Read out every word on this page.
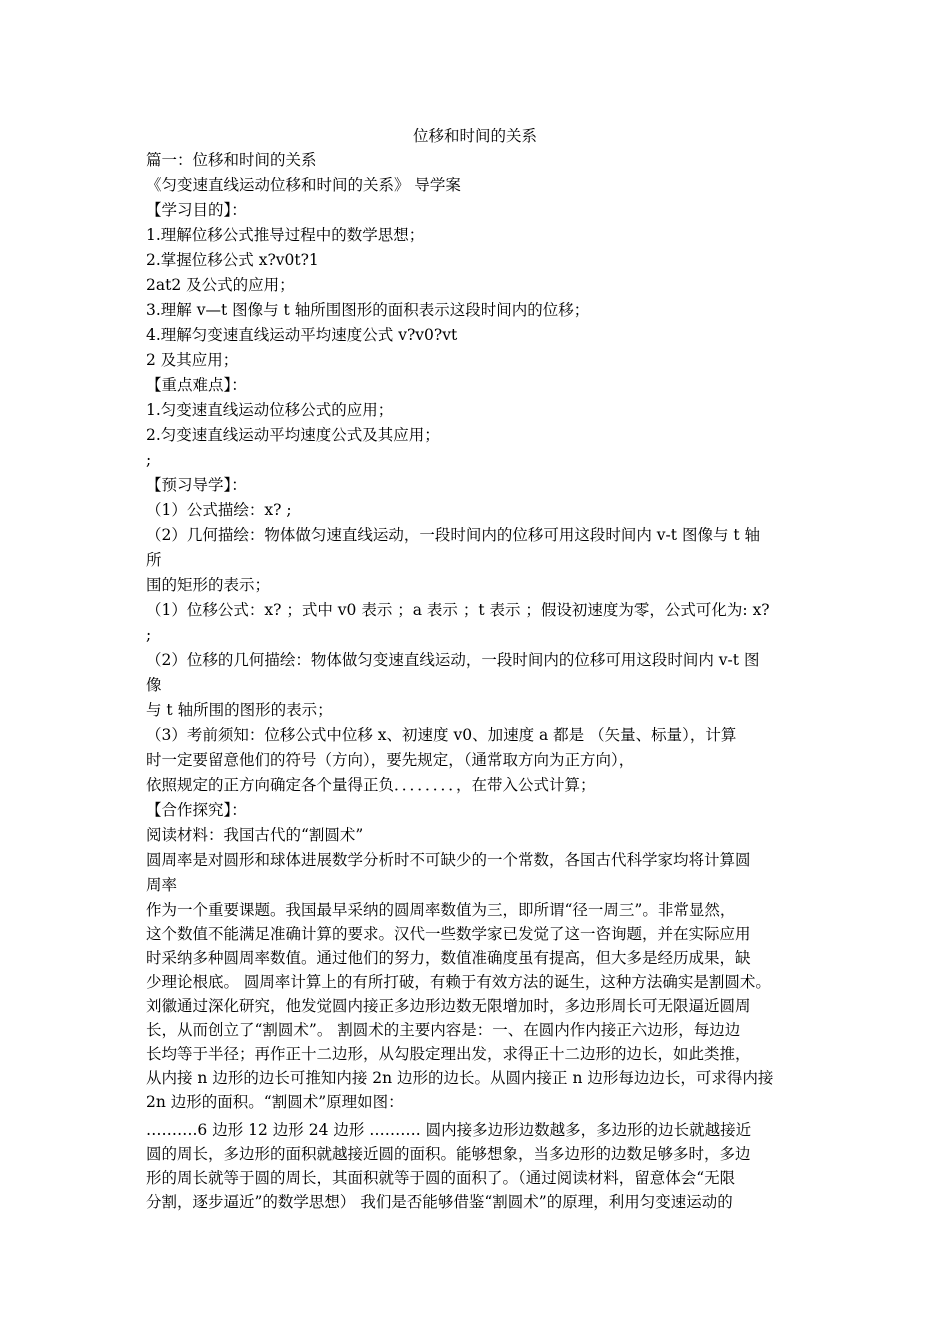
位移和时间的关系
篇一：位移和时间的关系
《匀变速直线运动位移和时间的关系》 导学案
【学习目的】：
1.理解位移公式推导过程中的数学思想；
2.掌握位移公式 x?v0t?1
2at2 及公式的应用；
3.理解 v—t 图像与 t 轴所围图形的面积表示这段时间内的位移；
4.理解匀变速直线运动平均速度公式 v?v0?vt
2 及其应用；
【重点难点】：
1.匀变速直线运动位移公式的应用；
2.匀变速直线运动平均速度公式及其应用；
;
【预习导学】：
（1）公式描绘：x? ;
（2）几何描绘：物体做匀速直线运动，一段时间内的位移可用这段时间内 v-t 图像与 t 轴
所
围的矩形的表示；
（1）位移公式：x? ；式中 v0 表示 ；a 表示 ；t 表示 ；假设初速度为零，公式可化为: x?
;
（2）位移的几何描绘：物体做匀变速直线运动，一段时间内的位移可用这段时间内 v-t 图
像
与 t 轴所围的图形的表示；
（3）考前须知：位移公式中位移 x、初速度 v0、加速度 a 都是 （矢量、标量），计算
时一定要留意他们的符号（方向），要先规定，（通常取方向为正方向），
依照规定的正方向确定各个量得正负．．．．．．．．，在带入公式计算；
【合作探究】：
阅读材料：我国古代的“割圆术”
圆周率是对圆形和球体进展数学分析时不可缺少的一个常数，各国古代科学家均将计算圆
周率
作为一个重要课题。我国最早采纳的圆周率数值为三，即所谓“径一周三”。非常显然，
这个数值不能满足准确计算的要求。汉代一些数学家已发觉了这一咨询题，并在实际应用
时采纳多种圆周率数值。通过他们的努力，数值准确度虽有提高，但大多是经历成果，缺
少理论根底。 圆周率计算上的有所打破，有赖于有效方法的诞生，这种方法确实是割圆术。
刘徽通过深化研究，他发觉圆内接正多边形边数无限增加时，多边形周长可无限逼近圆周
长，从而创立了“割圆术”。 割圆术的主要内容是：一、在圆内作内接正六边形，每边边
长均等于半径；再作正十二边形，从勾股定理出发，求得正十二边形的边长，如此类推，
从内接 n 边形的边长可推知内接 2n 边形的边长。从圆内接正 n 边形每边边长，可求得内接
2n 边形的面积。“割圆术”原理如图：
……….6 边形 12 边形 24 边形 ………. 圆内接多边形边数越多，多边形的边长就越接近
圆的周长，多边形的面积就越接近圆的面积。能够想象，当多边形的边数足够多时，多边
形的周长就等于圆的周长，其面积就等于圆的面积了。（通过阅读材料，留意体会“无限
分割，逐步逼近”的数学思想） 我们是否能够借鉴“割圆术”的原理，利用匀变速运动的
